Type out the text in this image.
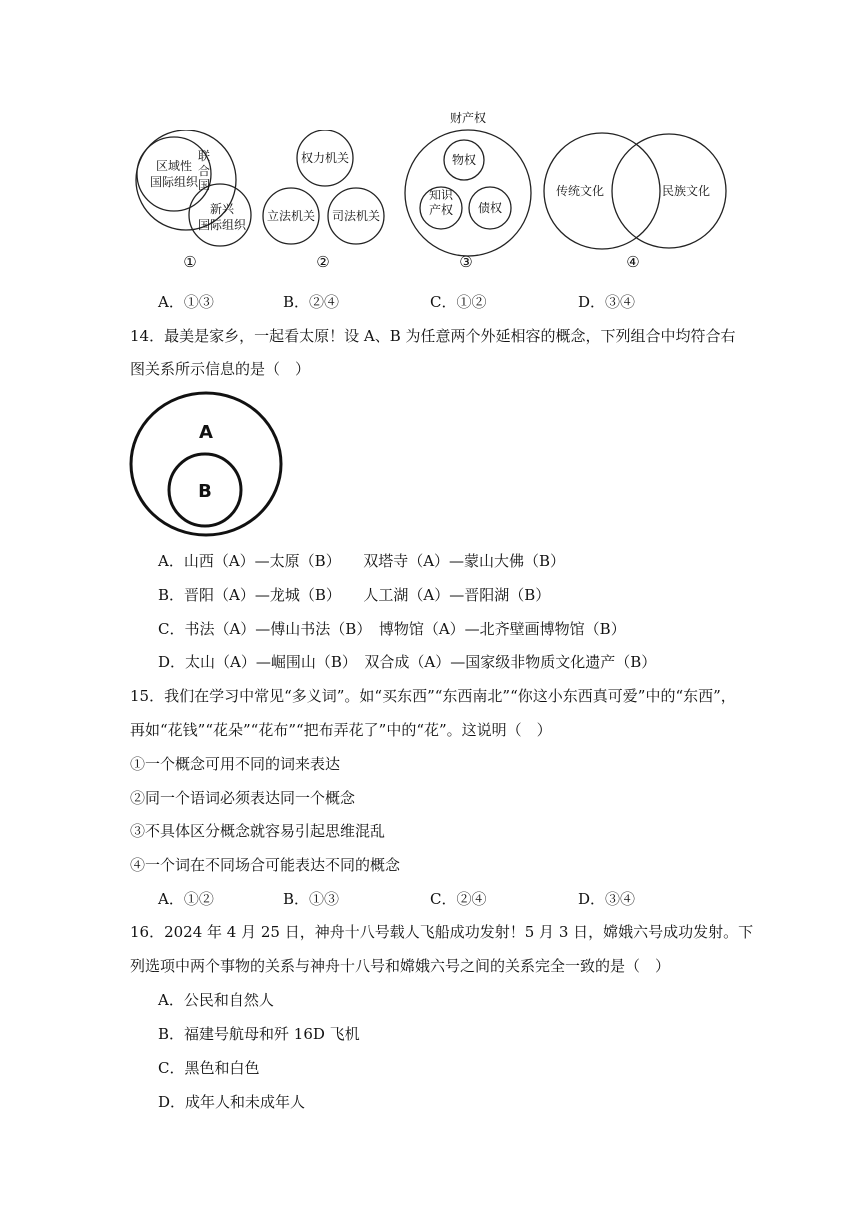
区域性
国际组织
联
合
国
新兴
国际组织
①
权力机关
立法机关 司法机关
②
财产权
物权
知识
产权 债权
③
传统文化	民族文化
④
A．①③	B．②④	C．①②	D．③④
14．最美是家乡，一起看太原！设 A、B 为任意两个外延相容的概念，下列组合中均符合右
图关系所示信息的是（　）
A
B
A．山西（A）—太原（B）　　双塔寺（A）—蒙山大佛（B）
B．晋阳（A）—龙城（B）　　人工湖（A）—晋阳湖（B）
C．书法（A）—傅山书法（B）　博物馆（A）—北齐壁画博物馆（B）
D．太山（A）—崛围山（B）　双合成（A）—国家级非物质文化遗产（B）
15．我们在学习中常见“多义词”。如“买东西”“东西南北”“你这小东西真可爱”中的“东西”，
再如“花钱”“花朵”“花布”“把布弄花了”中的“花”。这说明（　）
①一个概念可用不同的词来表达
②同一个语词必须表达同一个概念
③不具体区分概念就容易引起思维混乱
④一个词在不同场合可能表达不同的概念
A．①②	B．①③	C．②④	D．③④
16．2024 年 4 月 25 日，神舟十八号载人飞船成功发射！5 月 3 日，嫦娥六号成功发射。下
列选项中两个事物的关系与神舟十八号和嫦娥六号之间的关系完全一致的是（　）
A．公民和自然人
B．福建号航母和歼 16D 飞机
C．黑色和白色
D．成年人和未成年人
